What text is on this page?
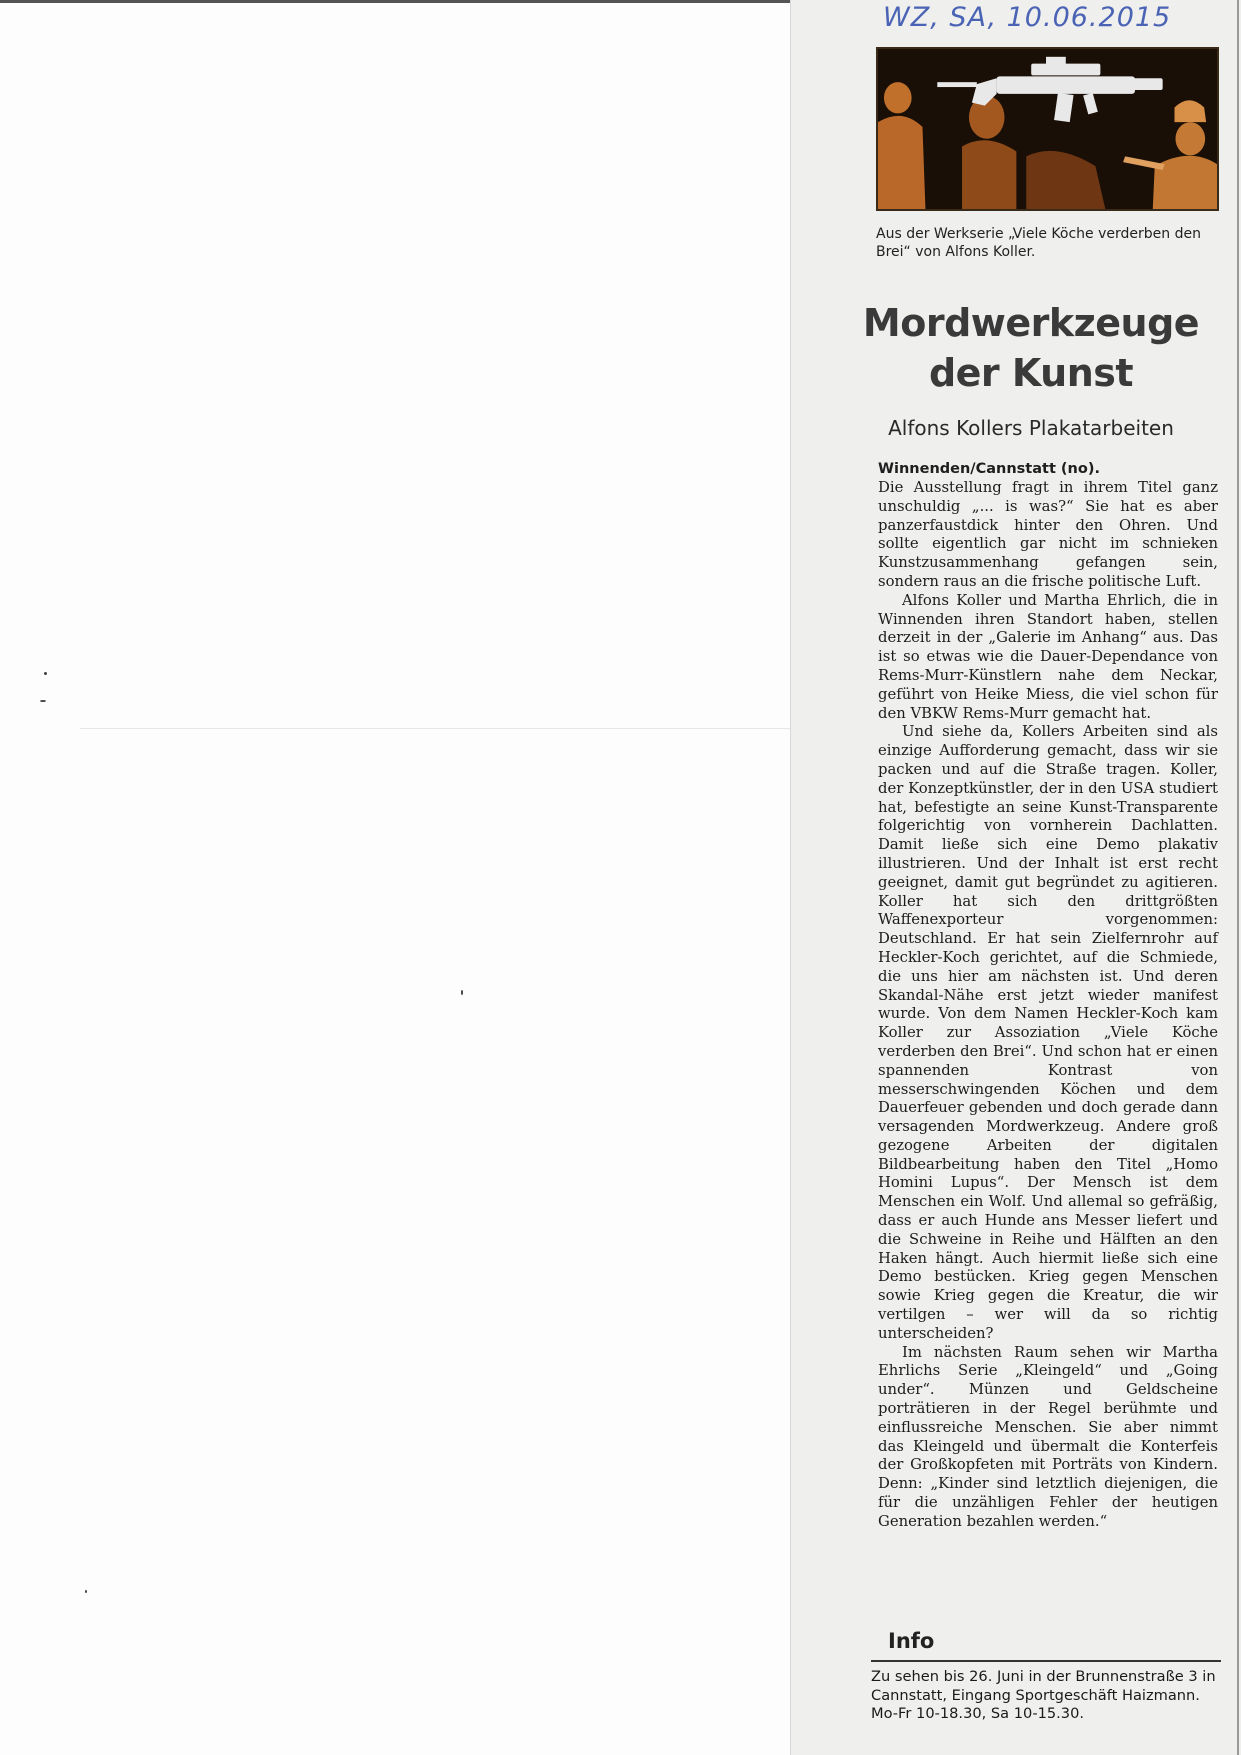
WZ, SA, 10.06.2015
Aus der Werkserie „Viele Köche verderben den Brei“ von Alfons Koller.
Mordwerkzeuge
der Kunst
Alfons Kollers Plakatarbeiten
Winnenden/Cannstatt (no).

Die Ausstellung fragt in ihrem Titel ganz unschuldig „... is was?“ Sie hat es aber panzerfaustdick hinter den Ohren. Und sollte eigentlich gar nicht im schnieken Kunstzusammenhang gefangen sein, sondern raus an die frische politische Luft.

Alfons Koller und Martha Ehrlich, die in Winnenden ihren Standort haben, stellen derzeit in der „Galerie im Anhang“ aus. Das ist so etwas wie die Dauer-Dependance von Rems-Murr-Künstlern nahe dem Neckar, geführt von Heike Miess, die viel schon für den VBKW Rems-Murr gemacht hat.

Und siehe da, Kollers Arbeiten sind als einzige Aufforderung gemacht, dass wir sie packen und auf die Straße tragen. Koller, der Konzeptkünstler, der in den USA studiert hat, befestigte an seine Kunst-Transparente folgerichtig von vornherein Dachlatten. Damit ließe sich eine Demo plakativ illustrieren. Und der Inhalt ist erst recht geeignet, damit gut begründet zu agitieren. Koller hat sich den drittgrößten Waffenexporteur vorgenommen: Deutschland. Er hat sein Zielfernrohr auf Heckler-Koch gerichtet, auf die Schmiede, die uns hier am nächsten ist. Und deren Skandal-Nähe erst jetzt wieder manifest wurde. Von dem Namen Heckler-Koch kam Koller zur Assoziation „Viele Köche verderben den Brei“. Und schon hat er einen spannenden Kontrast von messerschwingenden Köchen und dem Dauerfeuer gebenden und doch gerade dann versagenden Mordwerkzeug. Andere groß gezogene Arbeiten der digitalen Bildbearbeitung haben den Titel „Homo Homini Lupus“. Der Mensch ist dem Menschen ein Wolf. Und allemal so gefräßig, dass er auch Hunde ans Messer liefert und die Schweine in Reihe und Hälften an den Haken hängt. Auch hiermit ließe sich eine Demo bestücken. Krieg gegen Menschen sowie Krieg gegen die Kreatur, die wir vertilgen – wer will da so richtig unterscheiden?

Im nächsten Raum sehen wir Martha Ehrlichs Serie „Kleingeld“ und „Going under“. Münzen und Geldscheine porträtieren in der Regel berühmte und einflussreiche Menschen. Sie aber nimmt das Kleingeld und übermalt die Konterfeis der Großkopfeten mit Porträts von Kindern. Denn: „Kinder sind letztlich diejenigen, die für die unzähligen Fehler der heutigen Generation bezahlen werden.“

Info
Zu sehen bis 26. Juni in der Brunnenstraße 3 in Cannstatt, Eingang Sportgeschäft Haizmann. Mo-Fr 10-18.30, Sa 10-15.30.
